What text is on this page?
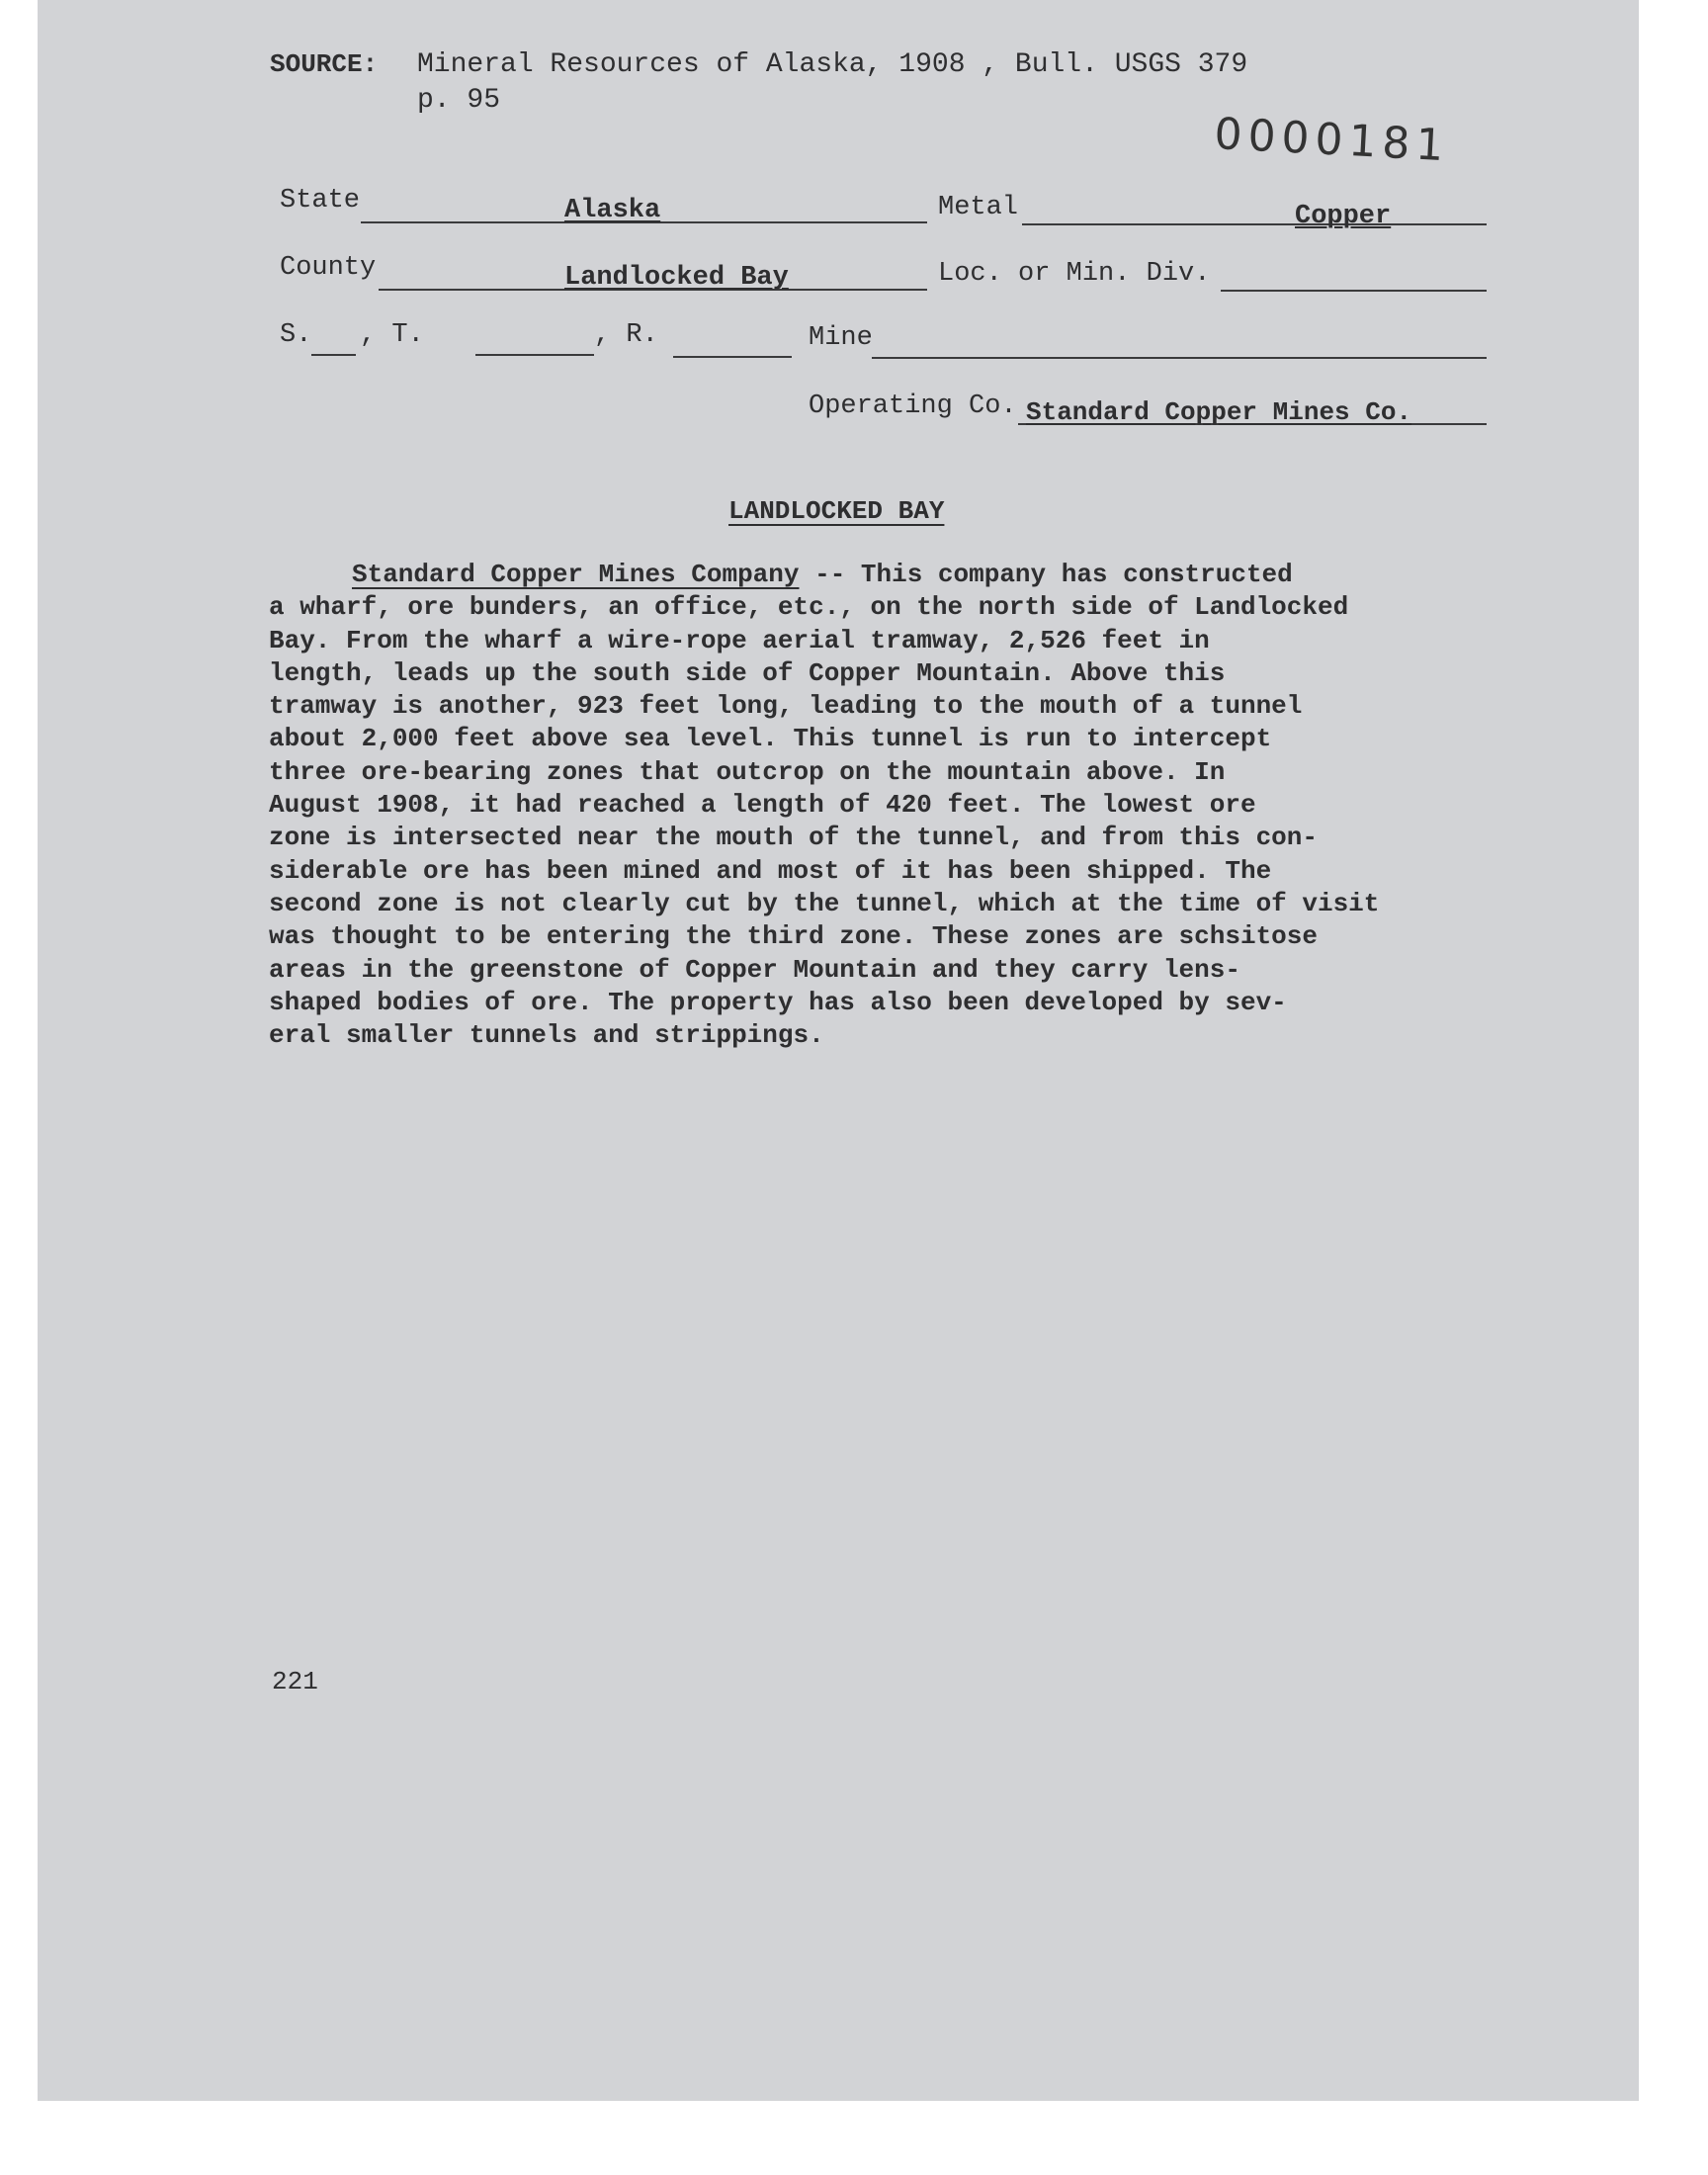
SOURCE: Mineral Resources of Alaska, 1908 , Bull. USGS 379
p. 95
0000181
State	Alaska	Metal	Copper
County	Landlocked Bay	Loc. or Min. Div.
S. , T.	, R.	Mine
Operating Co. Standard Copper Mines Co.
LANDLOCKED BAY
Standard Copper Mines Company -- This company has constructed
a wharf, ore bunders, an office, etc., on the north side of Landlocked
Bay. From the wharf a wire-rope aerial tramway, 2,526 feet in
length, leads up the south side of Copper Mountain. Above this
tramway is another, 923 feet long, leading to the mouth of a tunnel
about 2,000 feet above sea level. This tunnel is run to intercept
three ore-bearing zones that outcrop on the mountain above. In
August 1908, it had reached a length of 420 feet. The lowest ore
zone is intersected near the mouth of the tunnel, and from this con-
siderable ore has been mined and most of it has been shipped. The
second zone is not clearly cut by the tunnel, which at the time of visit
was thought to be entering the third zone. These zones are schsitose
areas in the greenstone of Copper Mountain and they carry lens-
shaped bodies of ore. The property has also been developed by sev-
eral smaller tunnels and strippings.
221
